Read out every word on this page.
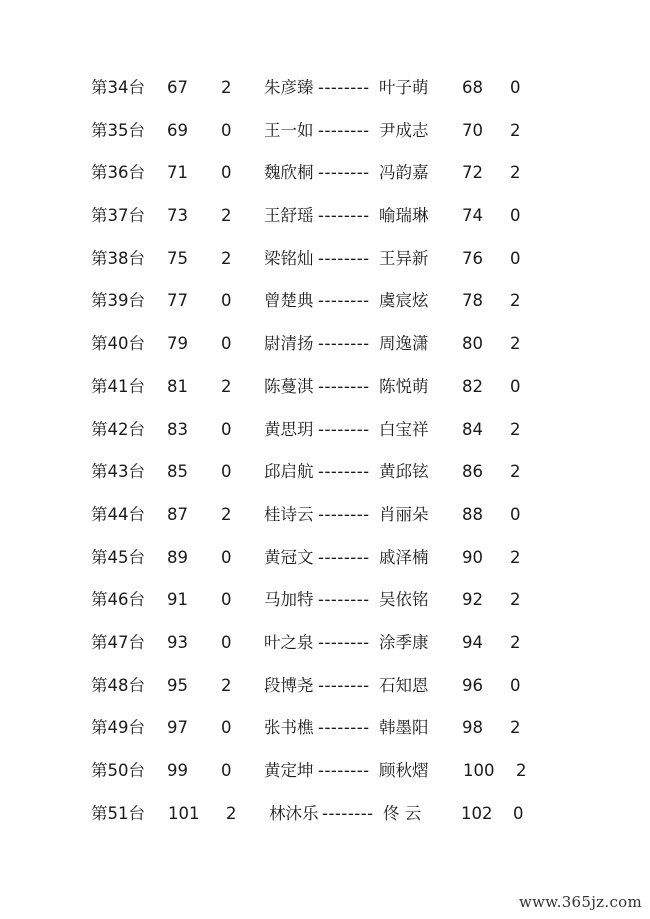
第34台 67 2 朱彦臻 -------- 叶子萌 68 0
第35台 69 0 王一如 -------- 尹成志 70 2
第36台 71 0 魏欣桐 -------- 冯韵嘉 72 2
第37台 73 2 王舒瑶 -------- 喻瑞琳 74 0
第38台 75 2 梁铭灿 -------- 王异新 76 0
第39台 77 0 曾楚典 -------- 虞宸炫 78 2
第40台 79 0 尉清扬 -------- 周逸潇 80 2
第41台 81 2 陈蔓淇 -------- 陈悦萌 82 0
第42台 83 0 黄思玥 -------- 白宝祥 84 2
第43台 85 0 邱启航 -------- 黄邱铉 86 2
第44台 87 2 桂诗云 -------- 肖丽朵 88 0
第45台 89 0 黄冠文 -------- 戚泽楠 90 2
第46台 91 0 马加特 -------- 吴依铭 92 2
第47台 93 0 叶之泉 -------- 涂季康 94 2
第48台 95 2 段博尧 -------- 石知恩 96 0
第49台 97 0 张书樵 -------- 韩墨阳 98 2
第50台 99 0 黄定坤 -------- 顾秋熠 100 2
第51台 101 2 林沐乐 -------- 佟 云 102 0
www.365jz.com
